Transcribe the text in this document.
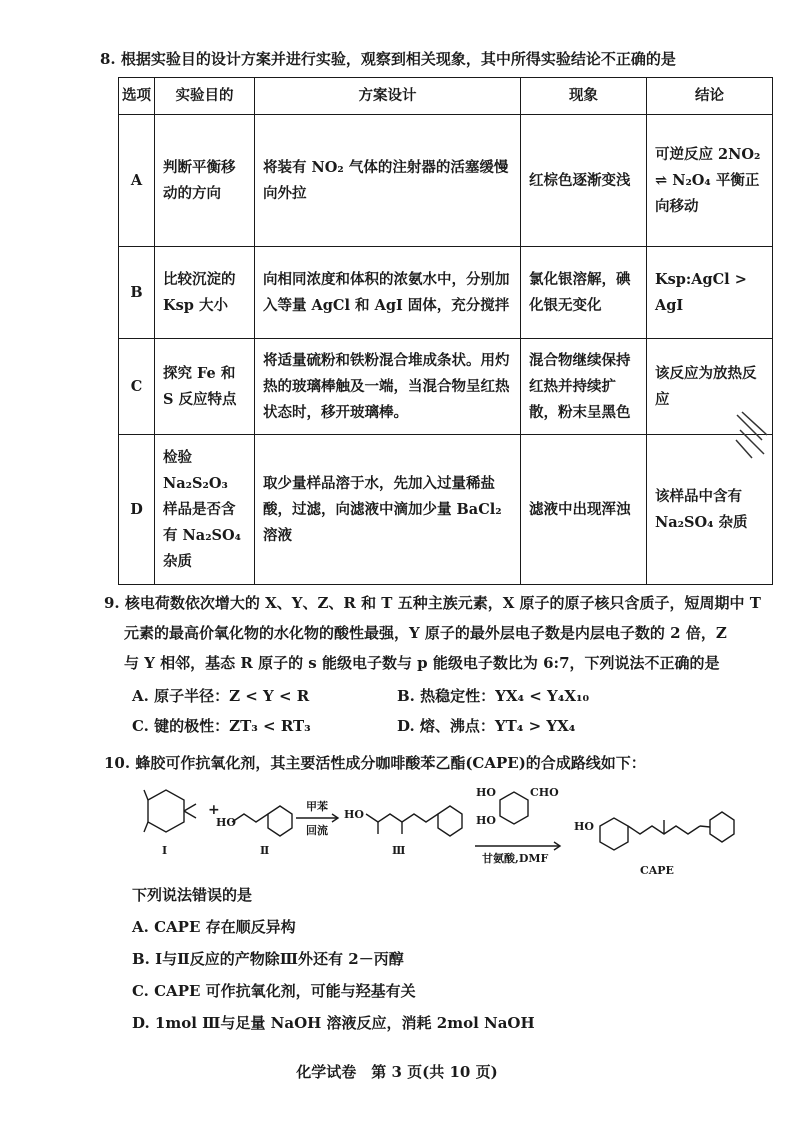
8. 根据实验目的设计方案并进行实验，观察到相关现象，其中所得实验结论不正确的是
选项	实验目的	方案设计	现象	结论
A	判断平衡移动的方向	将装有 NO₂ 气体的注射器的活塞缓慢向外拉	红棕色逐渐变浅	可逆反应 2NO₂ ⇌ N₂O₄ 平衡正向移动
B	比较沉淀的 Ksp 大小	向相同浓度和体积的浓氨水中，分别加入等量 AgCl 和 AgI 固体，充分搅拌	氯化银溶解，碘化银无变化	Ksp:AgCl > AgI
C	探究 Fe 和 S 反应特点	将适量硫粉和铁粉混合堆成条状。用灼热的玻璃棒触及一端，当混合物呈红热状态时，移开玻璃棒。	混合物继续保持红热并持续扩散，粉末呈黑色	该反应为放热反应
D	检验 Na₂S₂O₃ 样品是否含有 Na₂SO₄ 杂质	取少量样品溶于水，先加入过量稀盐酸，过滤，向滤液中滴加少量 BaCl₂ 溶液	滤液中出现浑浊	该样品中含有 Na₂SO₄ 杂质
9. 核电荷数依次增大的 X、Y、Z、R 和 T 五种主族元素，X 原子的原子核只含质子，短周期中 T
元素的最高价氧化物的水化物的酸性最强，Y 原子的最外层电子数是内层电子数的 2 倍，Z
与 Y 相邻，基态 R 原子的 s 能级电子数与 p 能级电子数比为 6:7，下列说法不正确的是
A. 原子半径：Z < Y < R	B. 热稳定性：YX₄ < Y₄X₁₀
C. 键的极性：ZT₃ < RT₃	D. 熔、沸点：YT₄ > YX₄
10. 蜂胶可作抗氧化剂，其主要活性成分咖啡酸苯乙酯(CAPE)的合成路线如下：
Ⅰ
+
HO
Ⅱ
甲苯
回流
HO
Ⅲ
HO
HO
CHO
甘氨酸,DMF
HO
CAPE
下列说法错误的是
A. CAPE 存在顺反异构
B. Ⅰ与Ⅱ反应的产物除Ⅲ外还有 2－丙醇
C. CAPE 可作抗氧化剂，可能与羟基有关
D. 1mol Ⅲ与足量 NaOH 溶液反应，消耗 2mol NaOH
化学试卷　第 3 页(共 10 页)
